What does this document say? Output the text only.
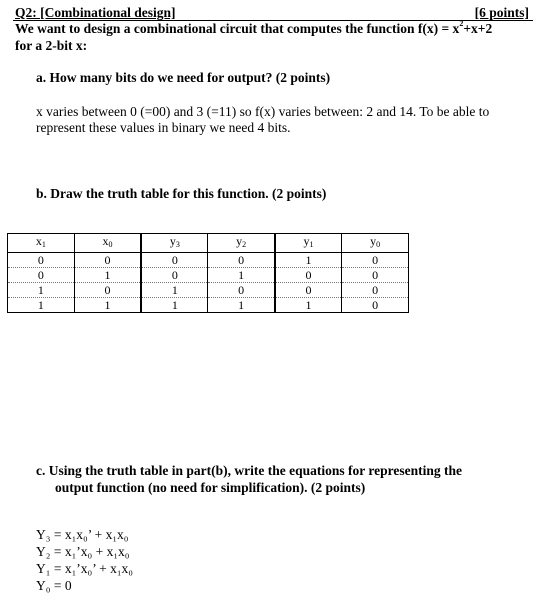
Q2: [Combinational design]	[6 points]
We want to design a combinational circuit that computes the function $f(x) = x^2+x+2$
for a 2-bit x:
a. How many bits do we need for output? (2 points)
x varies between 0 (=00) and 3 (=11) so f(x) varies between: 2 and 14. To be able to
represent these values in binary we need 4 bits.
b. Draw the truth table for this function. (2 points)
$x_1$	$x_0$	$y_3$	$y_2$	$y_1$	$y_0$
0	0	0	0	1	0
0	1	0	1	0	0
1	0	1	0	0	0
1	1	1	1	1	0
c. Using the truth table in part(b), write the equations for representing the
output function (no need for simplification). (2 points)
Y₃ = x₁x₀’ + x₁x₀
Y₂ = x₁’x₀ + x₁x₀
Y₁ = x₁’x₀’ + x₁x₀
Y₀ = 0
